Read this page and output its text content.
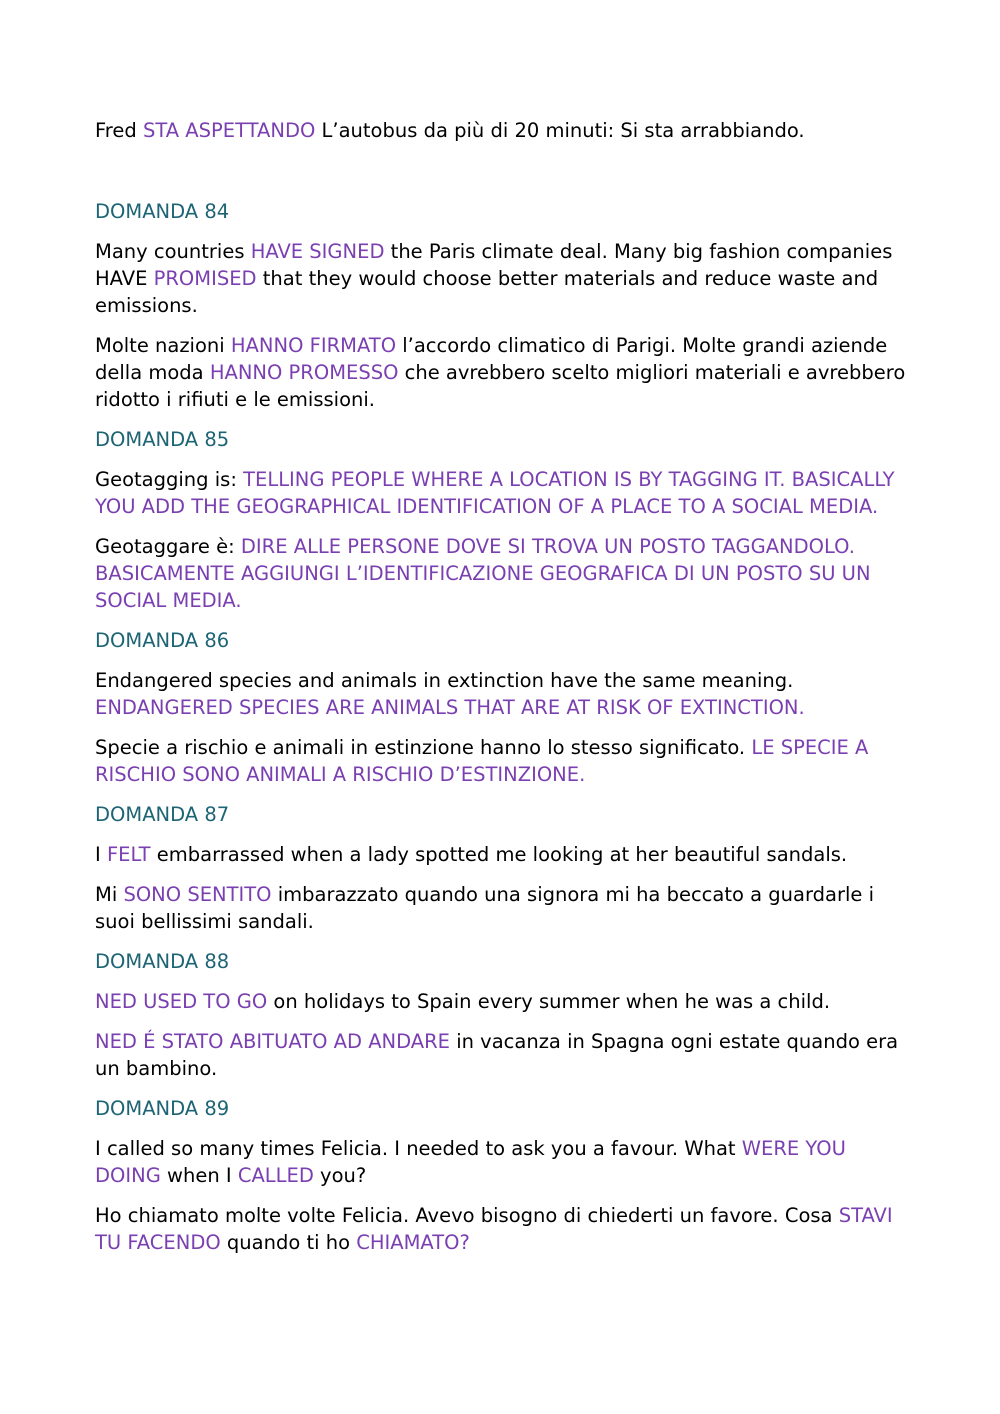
Fred STA ASPETTANDO L’autobus da più di 20 minuti: Si sta arrabbiando.

DOMANDA 84

Many countries HAVE SIGNED the Paris climate deal. Many big fashion companies HAVE PROMISED that they would choose better materials and reduce waste and emissions.

Molte nazioni HANNO FIRMATO l’accordo climatico di Parigi. Molte grandi aziende della moda HANNO PROMESSO che avrebbero scelto migliori materiali e avrebbero ridotto i rifiuti e le emissioni.

DOMANDA 85

Geotagging is: TELLING PEOPLE WHERE A LOCATION IS BY TAGGING IT. BASICALLY YOU ADD THE GEOGRAPHICAL IDENTIFICATION OF A PLACE TO A SOCIAL MEDIA.

Geotaggare è: DIRE ALLE PERSONE DOVE SI TROVA UN POSTO TAGGANDOLO. BASICAMENTE AGGIUNGI L’IDENTIFICAZIONE GEOGRAFICA DI UN POSTO SU UN SOCIAL MEDIA.

DOMANDA 86

Endangered species and animals in extinction have the same meaning. ENDANGERED SPECIES ARE ANIMALS THAT ARE AT RISK OF EXTINCTION.

Specie a rischio e animali in estinzione hanno lo stesso significato. LE SPECIE A RISCHIO SONO ANIMALI A RISCHIO D’ESTINZIONE.

DOMANDA 87

I FELT embarrassed when a lady spotted me looking at her beautiful sandals.

Mi SONO SENTITO imbarazzato quando una signora mi ha beccato a guardarle i suoi bellissimi sandali.

DOMANDA 88

NED USED TO GO on holidays to Spain every summer when he was a child.

NED É STATO ABITUATO AD ANDARE in vacanza in Spagna ogni estate quando era un bambino.

DOMANDA 89

I called so many times Felicia. I needed to ask you a favour. What WERE YOU DOING when I CALLED you?

Ho chiamato molte volte Felicia. Avevo bisogno di chiederti un favore. Cosa STAVI TU FACENDO quando ti ho CHIAMATO?
